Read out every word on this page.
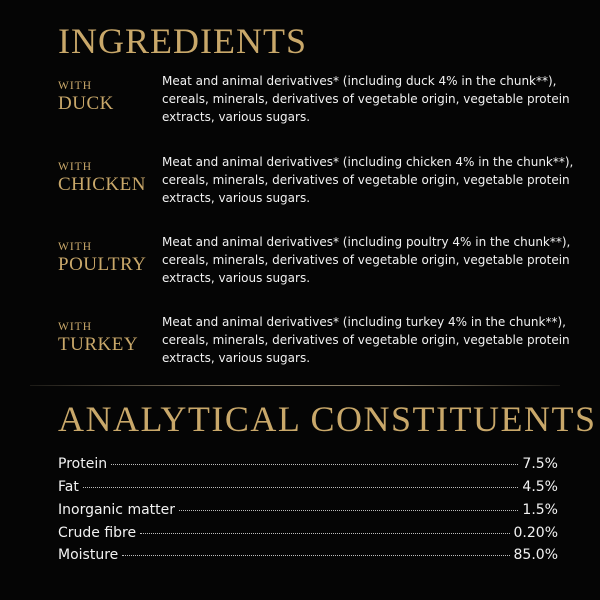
INGREDIENTS
WITH
DUCK
Meat and animal derivatives* (including duck 4% in the chunk**), cereals, minerals, derivatives of vegetable origin, vegetable protein extracts, various sugars.
WITH
CHICKEN
Meat and animal derivatives* (including chicken 4% in the chunk**), cereals, minerals, derivatives of vegetable origin, vegetable protein extracts, various sugars.
WITH
POULTRY
Meat and animal derivatives* (including poultry 4% in the chunk**), cereals, minerals, derivatives of vegetable origin, vegetable protein extracts, various sugars.
WITH
TURKEY
Meat and animal derivatives* (including turkey 4% in the chunk**), cereals, minerals, derivatives of vegetable origin, vegetable protein extracts, various sugars.
ANALYTICAL CONSTITUENTS
Protein	7.5%
Fat	4.5%
Inorganic matter	1.5%
Crude fibre	0.20%
Moisture	85.0%
